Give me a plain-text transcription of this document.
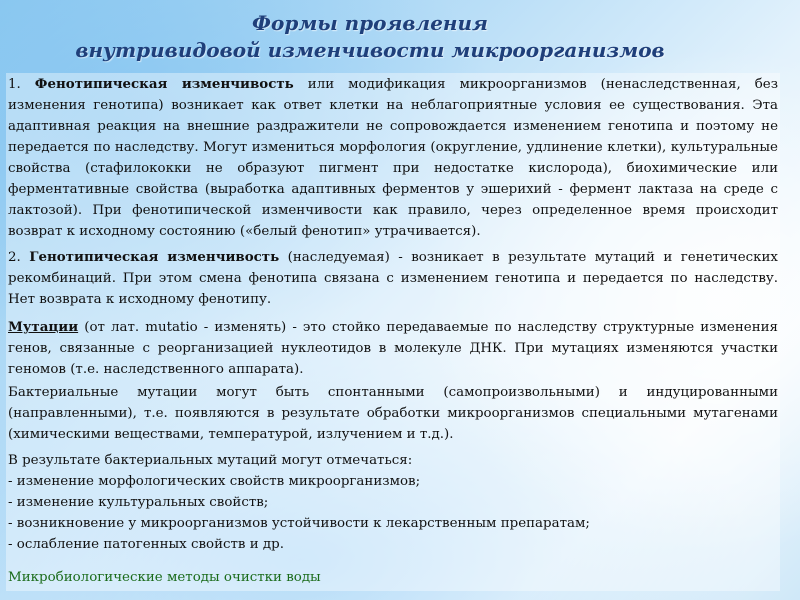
Формы проявления
внутривидовой изменчивости микроорганизмов
1. Фенотипическая изменчивость или модификация микроорганизмов (ненаследственная, без изменения генотипа) возникает как ответ клетки на неблагоприятные условия ее существования. Эта адаптивная реакция на внешние раздражители не сопровождается изменением генотипа и поэтому не передается по наследству. Могут измениться морфология (округление, удлинение клетки), культуральные свойства (стафилококки не образуют пигмент при недостатке кислорода), биохимические или ферментативные свойства (выработка адаптивных ферментов у эшерихий - фермент лактаза на среде с лактозой). При фенотипической изменчивости как правило, через определенное время происходит возврат к исходному состоянию («белый фенотип» утрачивается).
2. Генотипическая изменчивость (наследуемая) - возникает в результате мутаций и генетических рекомбинаций. При этом смена фенотипа связана с изменением генотипа и передается по наследству. Нет возврата к исходному фенотипу.
Мутации (от лат. mutatio - изменять) - это стойко передаваемые по наследству структурные изменения генов, связанные с реорганизацией нуклеотидов в молекуле ДНК. При мутациях изменяются участки геномов (т.е. наследственного аппарата).
Бактериальные мутации могут быть спонтанными (самопроизвольными) и индуцированными (направленными), т.е. появляются в результате обработки микроорганизмов специальными мутагенами (химическими веществами, температурой, излучением и т.д.).
В результате бактериальных мутаций могут отмечаться:
- изменение морфологических свойств микроорганизмов;
- изменение культуральных свойств;
- возникновение у микроорганизмов устойчивости к лекарственным препаратам;
- ослабление патогенных свойств и др.
Микробиологические методы очистки воды
